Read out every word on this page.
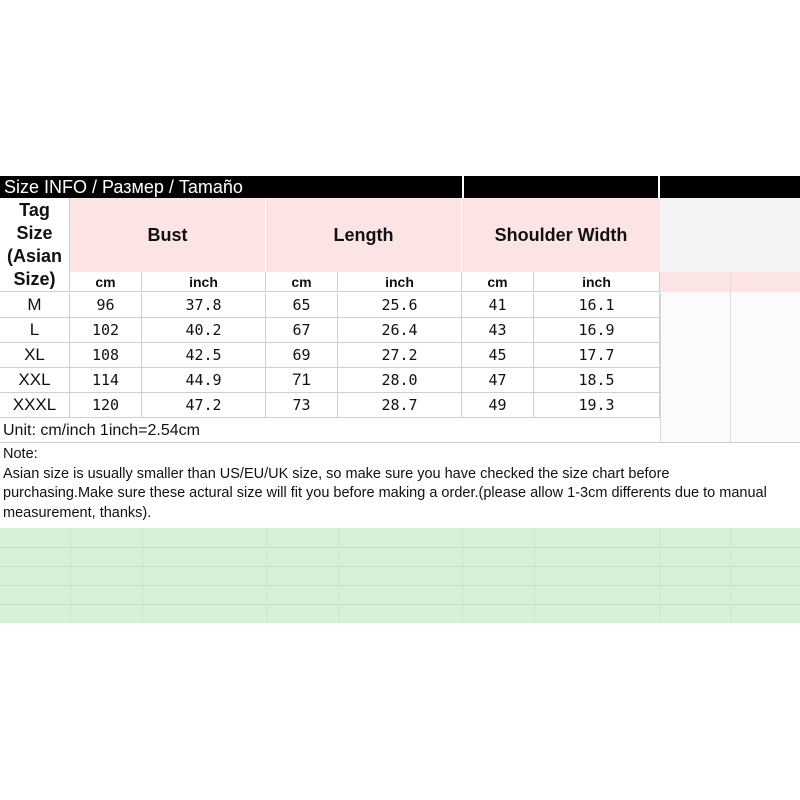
Size INFO / Размер / Tamaño
Tag
Size
(Asian
Size)
Bust	Length	Shoulder Width
cm	inch	cm	inch	cm	inch
M	96	37.8	65	25.6	41	16.1
L	102	40.2	67	26.4	43	16.9
XL	108	42.5	69	27.2	45	17.7
XXL	114	44.9	71	28.0	47	18.5
XXXL	120	47.2	73	28.7	49	19.3
Unit: cm/inch 1inch=2.54cm
Note:
Asian size is usually smaller than US/EU/UK size, so make sure you have checked the size chart before purchasing.Make sure these actural size will fit you before making a order.(please allow 1-3cm differents due to manual measurement, thanks).
